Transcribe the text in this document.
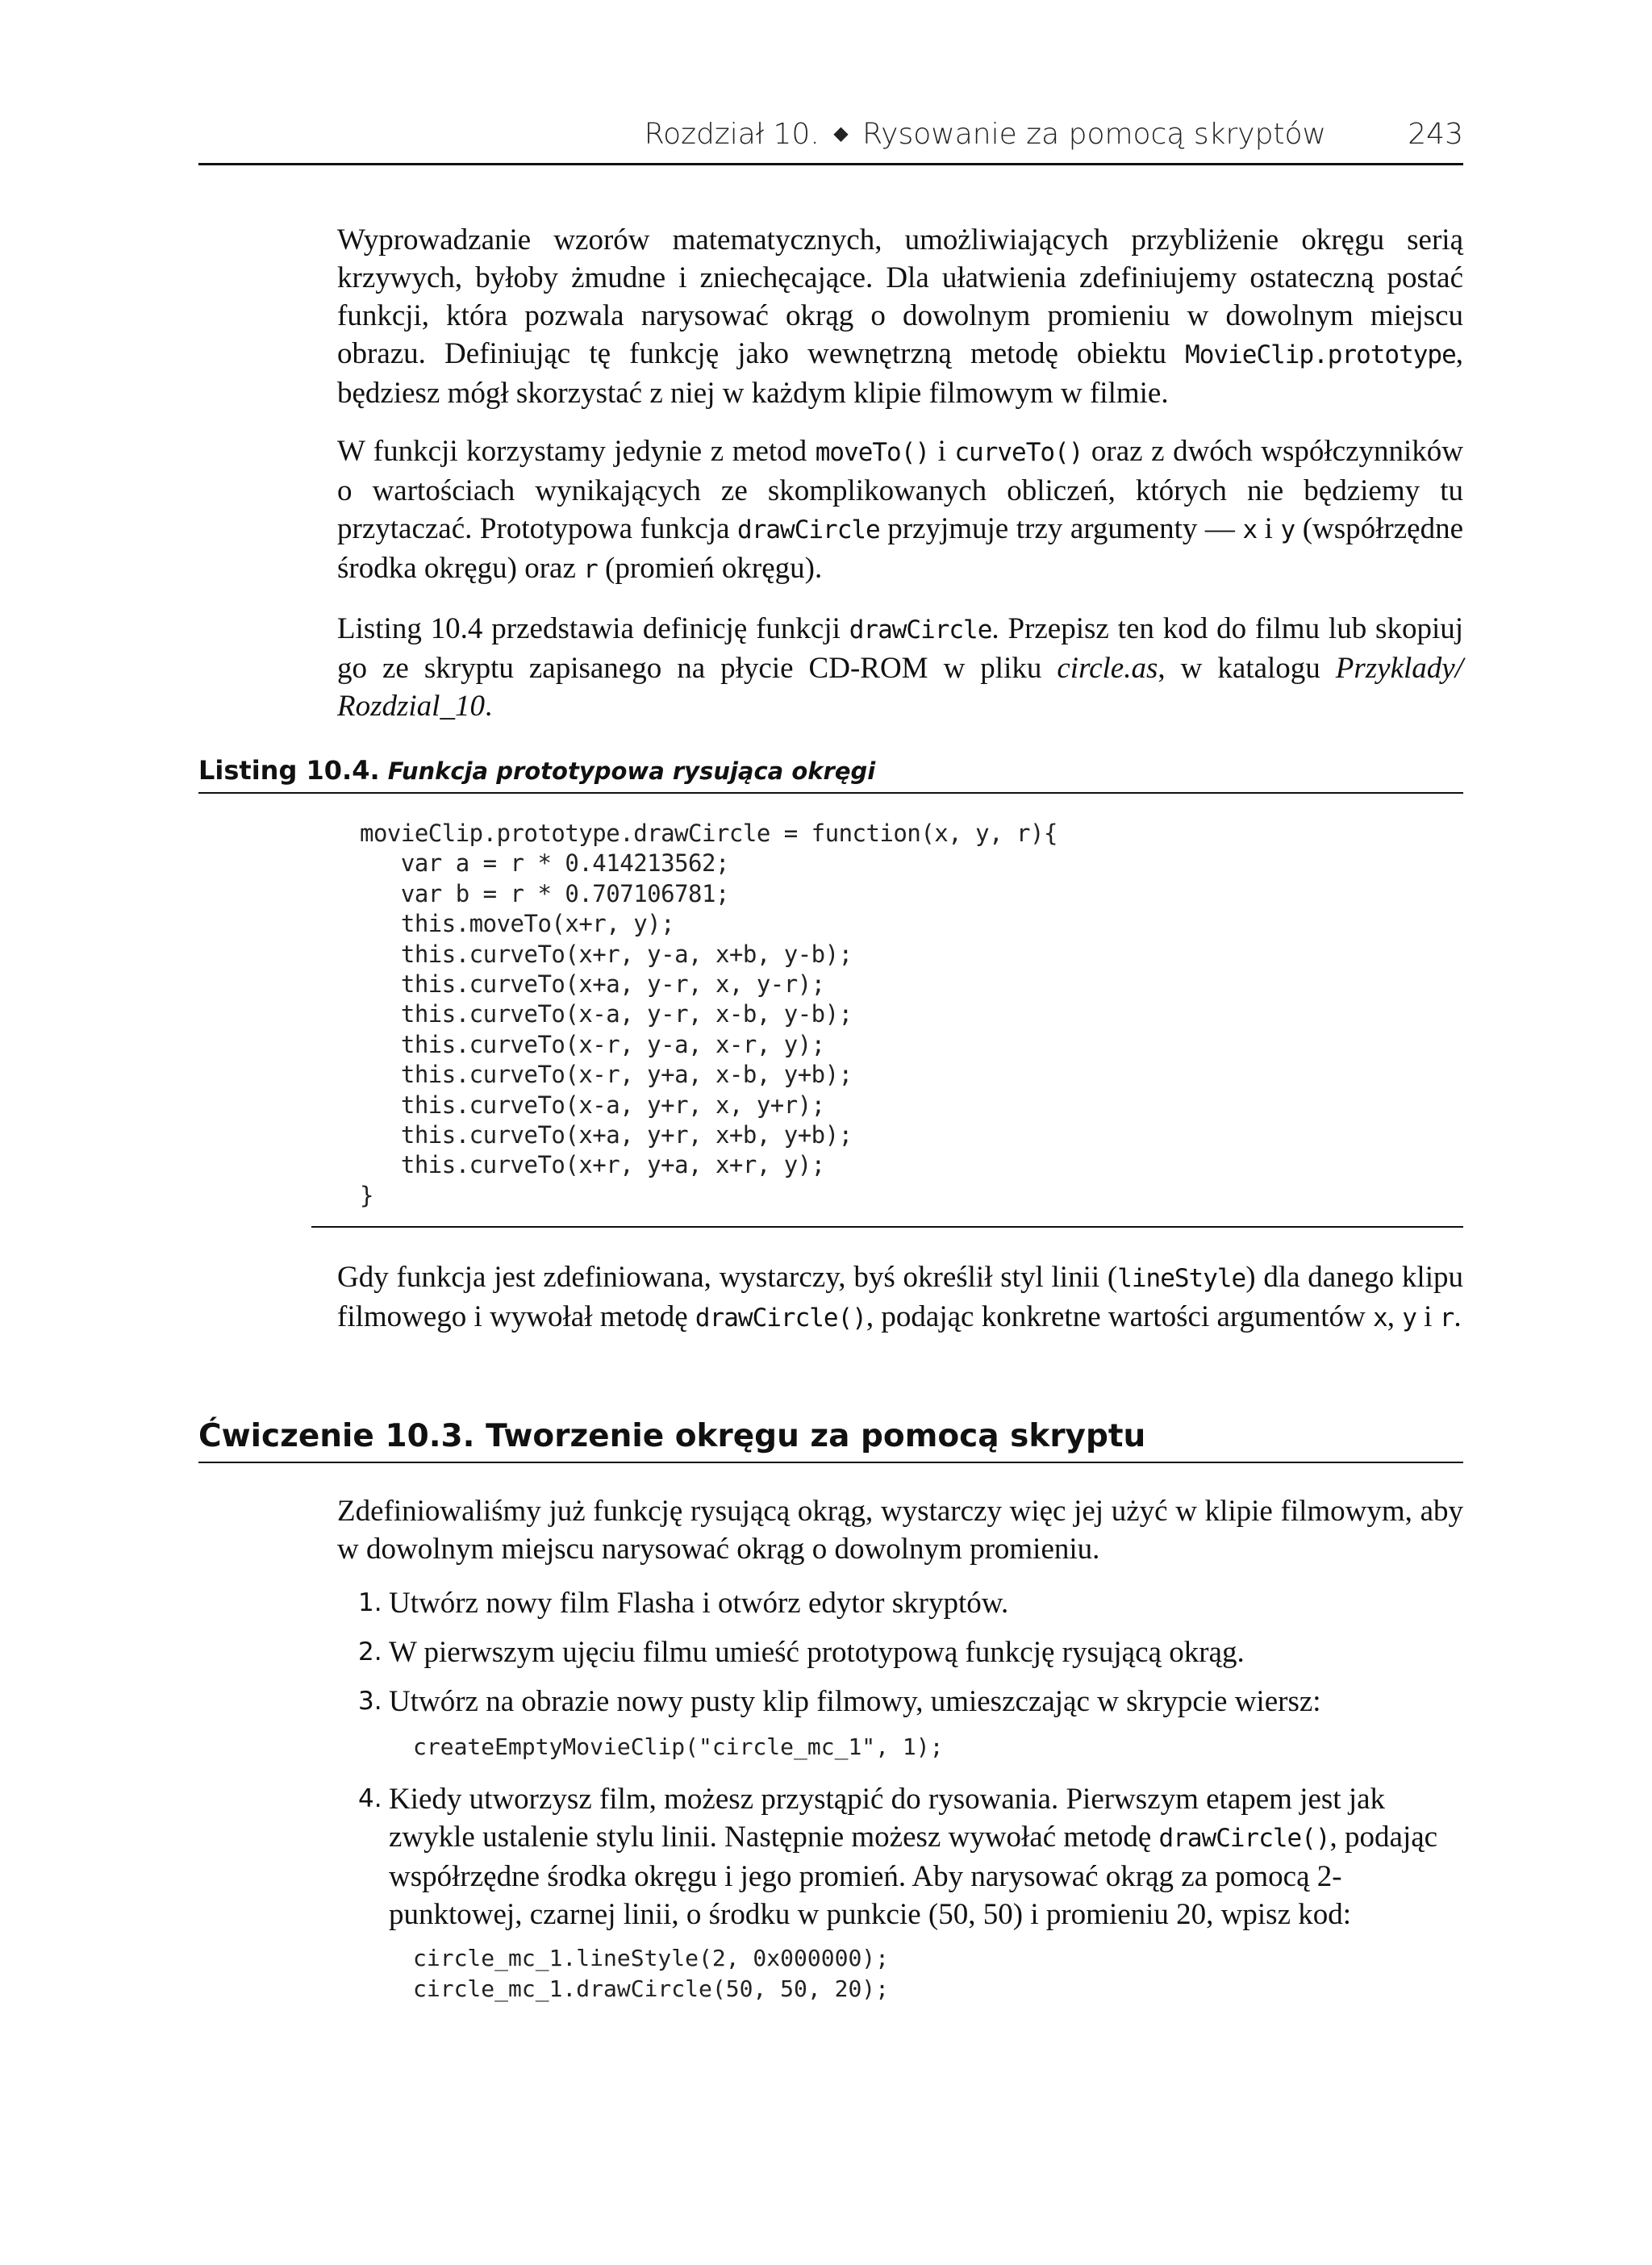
Rozdział 10. ◆ Rysowanie za pomocą skryptów	243

Wyprowadzanie wzorów matematycznych, umożliwiających przybliżenie okręgu serią krzywych, byłoby żmudne i zniechęcające. Dla ułatwienia zdefiniujemy ostateczną postać funkcji, która pozwala narysować okrąg o dowolnym promieniu w dowolnym miejscu obrazu. Definiując tę funkcję jako wewnętrzną metodę obiektu MovieClip.prototype, będziesz mógł skorzystać z niej w każdym klipie filmowym w filmie.

W funkcji korzystamy jedynie z metod moveTo() i curveTo() oraz z dwóch współczynników o wartościach wynikających ze skomplikowanych obliczeń, których nie będziemy tu przytaczać. Prototypowa funkcja drawCircle przyjmuje trzy argumenty — x i y (współrzędne środka okręgu) oraz r (promień okręgu).

Listing 10.4 przedstawia definicję funkcji drawCircle. Przepisz ten kod do filmu lub skopiuj go ze skryptu zapisanego na płycie CD-ROM w pliku circle.as, w katalogu Przyklady/ Rozdzial_10.

Listing 10.4. Funkcja prototypowa rysująca okręgi
movieClip.prototype.drawCircle = function(x, y, r){
var a = r * 0.414213562;
var b = r * 0.707106781;
this.moveTo(x+r, y);
this.curveTo(x+r, y-a, x+b, y-b);
this.curveTo(x+a, y-r, x, y-r);
this.curveTo(x-a, y-r, x-b, y-b);
this.curveTo(x-r, y-a, x-r, y);
this.curveTo(x-r, y+a, x-b, y+b);
this.curveTo(x-a, y+r, x, y+r);
this.curveTo(x+a, y+r, x+b, y+b);
this.curveTo(x+r, y+a, x+r, y);
}

Gdy funkcja jest zdefiniowana, wystarczy, byś określił styl linii (lineStyle) dla danego klipu filmowego i wywołał metodę drawCircle(), podając konkretne wartości argumentów x, y i r.

Ćwiczenie 10.3. Tworzenie okręgu za pomocą skryptu

Zdefiniowaliśmy już funkcję rysującą okrąg, wystarczy więc jej użyć w klipie filmowym, aby w dowolnym miejscu narysować okrąg o dowolnym promieniu.

1. Utwórz nowy film Flasha i otwórz edytor skryptów.
2. W pierwszym ujęciu filmu umieść prototypową funkcję rysującą okrąg.
3. Utwórz na obrazie nowy pusty klip filmowy, umieszczając w skrypcie wiersz:
createEmptyMovieClip("circle_mc_1", 1);
4. Kiedy utworzysz film, możesz przystąpić do rysowania. Pierwszym etapem jest jak zwykle ustalenie stylu linii. Następnie możesz wywołać metodę drawCircle(), podając współrzędne środka okręgu i jego promień. Aby narysować okrąg za pomocą 2-punktowej, czarnej linii, o środku w punkcie (50, 50) i promieniu 20, wpisz kod:
circle_mc_1.lineStyle(2, 0x000000);
circle_mc_1.drawCircle(50, 50, 20);
